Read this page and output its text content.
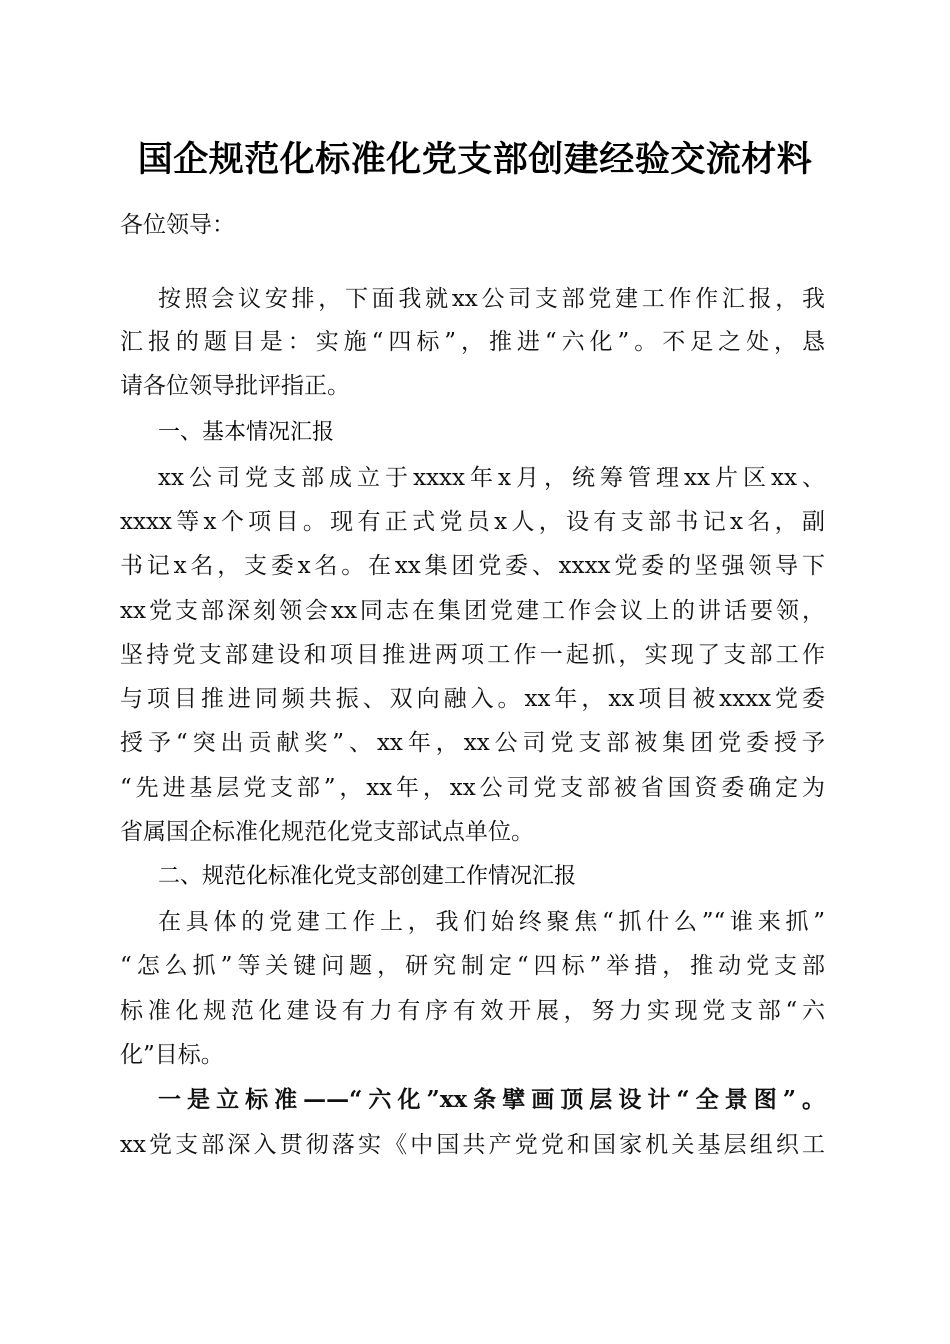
国企规范化标准化党支部创建经验交流材料
各位领导：
按照会议安排，下面我就xx公司支部党建工作作汇报，我
汇报的题目是：实施“四标”，推进“六化”。不足之处，恳
请各位领导批评指正。
一、基本情况汇报
xx公司党支部成立于xxxx年x月，统筹管理xx片区xx、
xxxx等x个项目。现有正式党员x人，设有支部书记x名，副
书记x名，支委x名。在xx集团党委、xxxx党委的坚强领导下
xx党支部深刻领会xx同志在集团党建工作会议上的讲话要领，
坚持党支部建设和项目推进两项工作一起抓，实现了支部工作
与项目推进同频共振、双向融入。xx年，xx项目被xxxx党委
授予“突出贡献奖”、xx年，xx公司党支部被集团党委授予
“先进基层党支部”，xx年，xx公司党支部被省国资委确定为
省属国企标准化规范化党支部试点单位。
二、规范化标准化党支部创建工作情况汇报
在具体的党建工作上，我们始终聚焦“抓什么”“谁来抓”
“怎么抓”等关键问题，研究制定“四标”举措，推动党支部
标准化规范化建设有力有序有效开展，努力实现党支部“六
化”目标。
一是立标准——“六化”xx条擘画顶层设计“全景图”。
xx党支部深入贯彻落实《中国共产党党和国家机关基层组织工
